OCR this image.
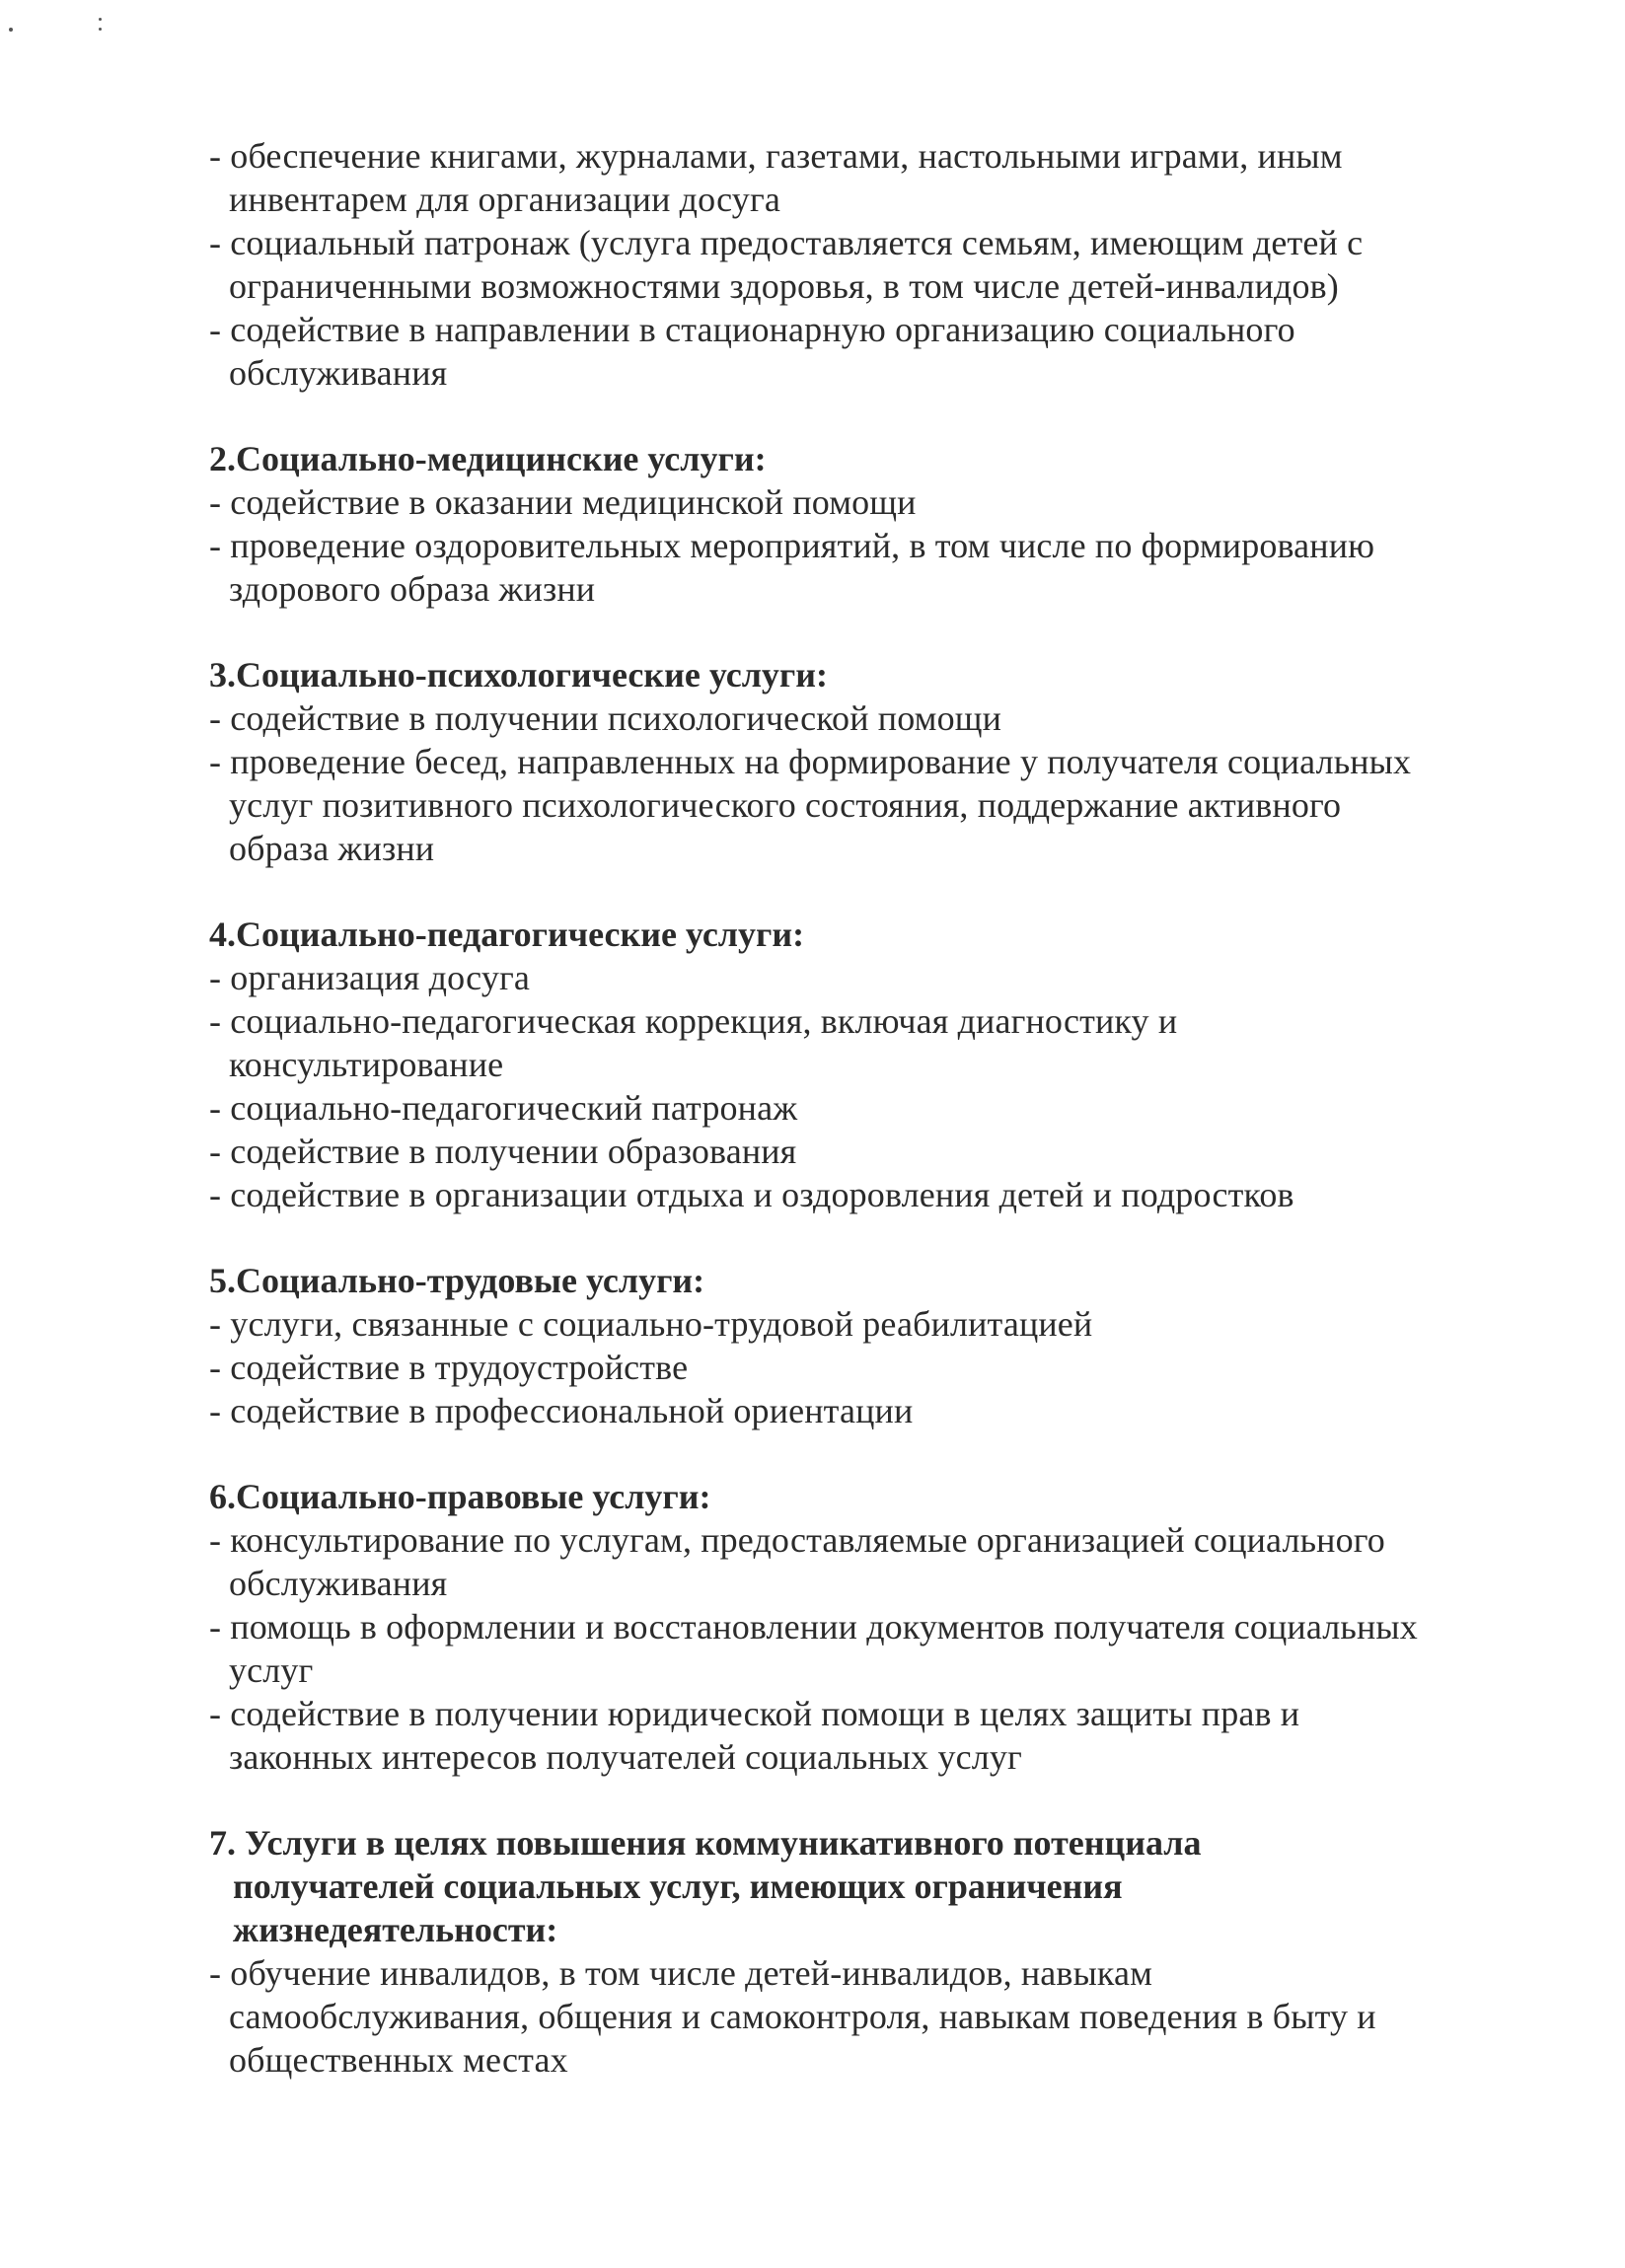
- обеспечение книгами, журналами, газетами, настольными играми, иным
инвентарем для организации досуга
- социальный патронаж (услуга предоставляется семьям, имеющим детей с
ограниченными возможностями здоровья, в том числе детей-инвалидов)
- содействие в направлении в стационарную организацию социального
обслуживания
2.Социально-медицинские услуги:
- содействие в оказании медицинской помощи
- проведение оздоровительных мероприятий, в том числе по формированию
здорового образа жизни
3.Социально-психологические услуги:
- содействие в получении психологической помощи
- проведение бесед, направленных на формирование у получателя социальных
услуг позитивного психологического состояния, поддержание активного
образа жизни
4.Социально-педагогические услуги:
- организация досуга
- социально-педагогическая коррекция, включая диагностику и
консультирование
- социально-педагогический патронаж
- содействие в получении образования
- содействие в организации отдыха и оздоровления детей и подростков
5.Социально-трудовые услуги:
- услуги, связанные с социально-трудовой реабилитацией
- содействие в трудоустройстве
- содействие в профессиональной ориентации
6.Социально-правовые услуги:
- консультирование по услугам, предоставляемые организацией социального
обслуживания
- помощь в оформлении и восстановлении документов получателя социальных
услуг
- содействие в получении юридической помощи в целях защиты прав и
законных интересов получателей социальных услуг
7. Услуги в целях повышения коммуникативного потенциала
получателей социальных услуг, имеющих ограничения
жизнедеятельности:
- обучение инвалидов, в том числе детей-инвалидов, навыкам
самообслуживания, общения и самоконтроля, навыкам поведения в быту и
общественных местах
